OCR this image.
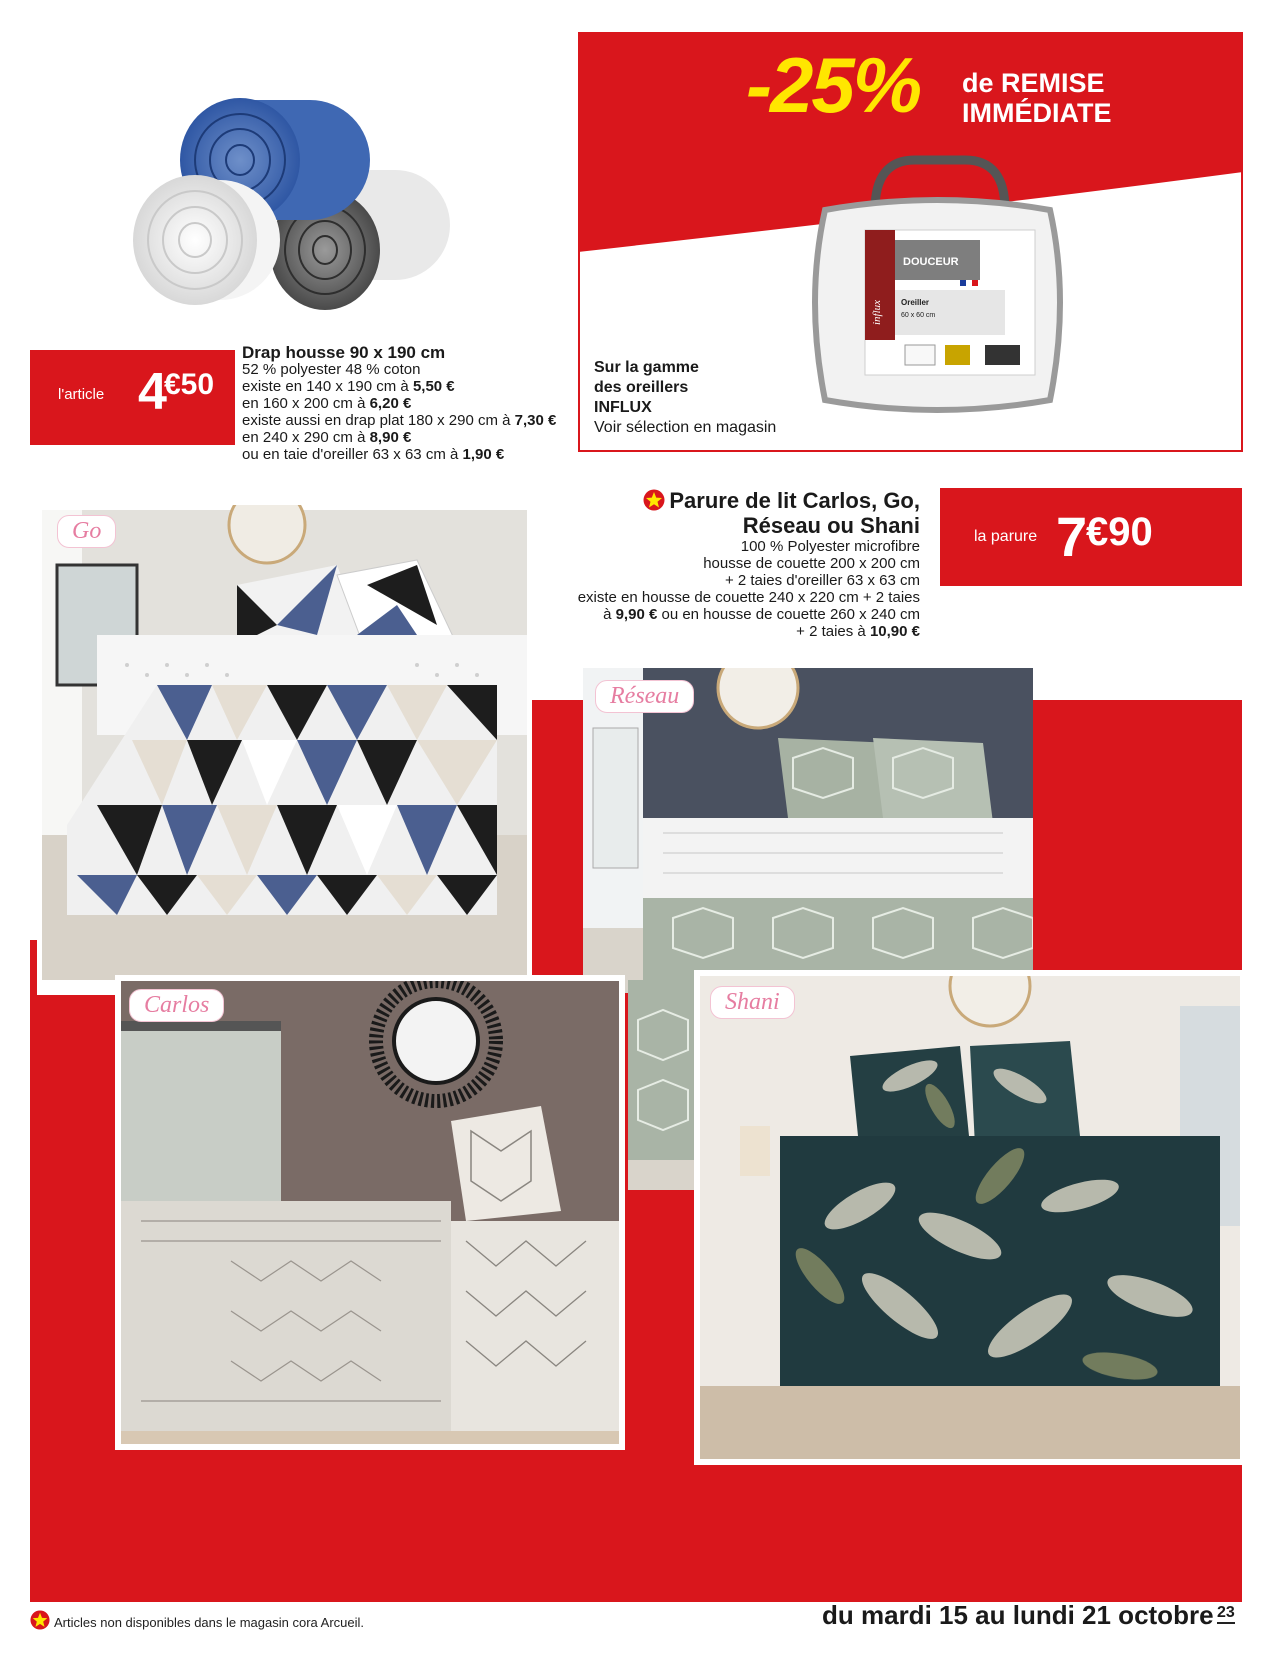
l'article 4
€50
Drap housse 90 x 190 cm
52 % polyester 48 % coton
existe en 140 x 190 cm à 5,50 €
en 160 x 200 cm à 6,20 €
existe aussi en drap plat 180 x 290 cm à 7,30 €
en 240 x 290 cm à 8,90 €
ou en taie d'oreiller 63 x 63 cm à 1,90 €
-25% de REMISE
IMMÉDIATE
DOUCEUR
influx Oreiller
60 x 60 cm
Sur la gamme
des oreillers
INFLUX
Voir sélection en magasin
Parure de lit Carlos, Go,
Réseau ou Shani
100 % Polyester microfibre
housse de couette 200 x 200 cm
+ 2 taies d'oreiller 63 x 63 cm
existe en housse de couette 240 x 220 cm + 2 taies
à 9,90 € ou en housse de couette 260 x 240 cm
+ 2 taies à 10,90 €
la parure 7
€90
Go
Réseau
Carlos	Shani
Articles non disponibles dans le magasin cora Arcueil.	du mardi 15 au lundi 21 octobre 23
